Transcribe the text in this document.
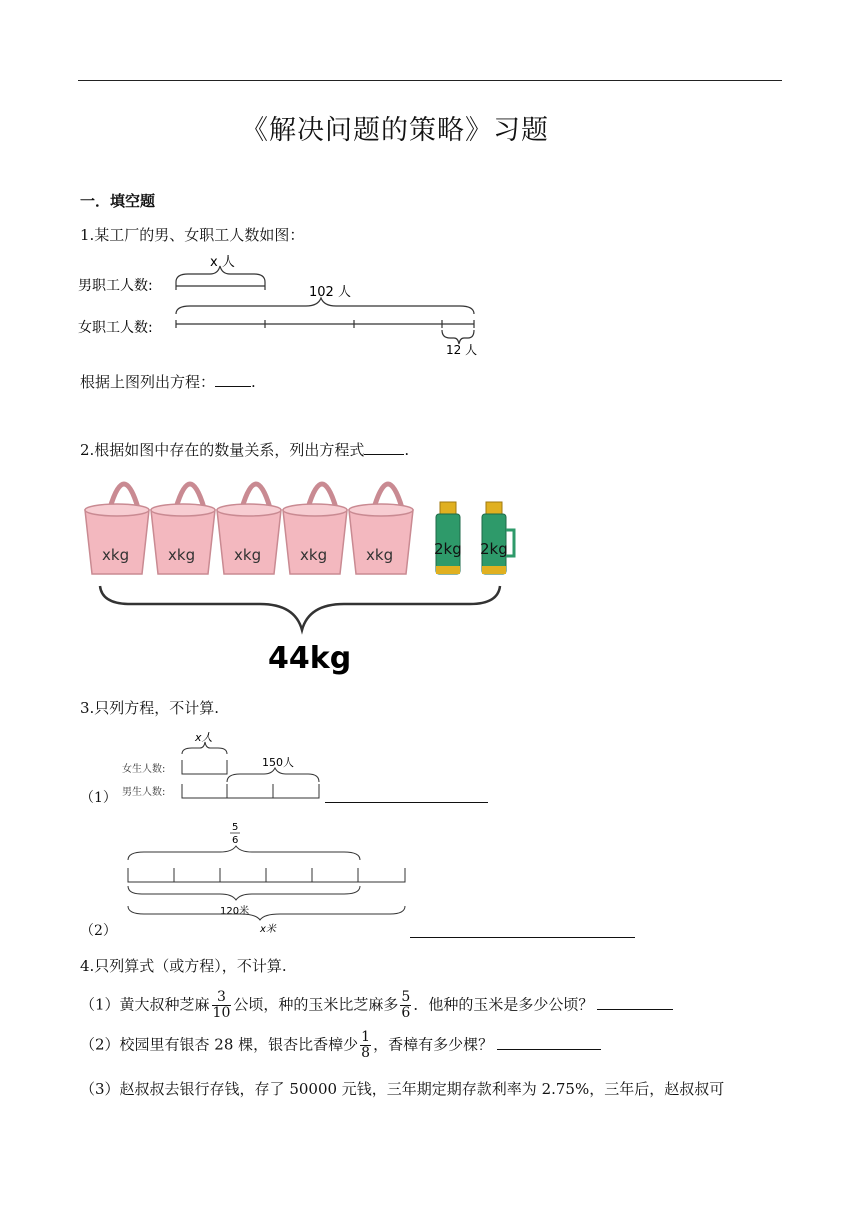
《解决问题的策略》习题
一．填空题
1.某工厂的男、女职工人数如图：
男职工人数:
女职工人数:
x 人
102 人
12 人
根据上图列出方程： .
2.根据如图中存在的数量关系，列出方程式	.
xkg	xkg	xkg	xkg	xkg	2kg 2kg
44kg
3.只列方程，不计算.
（1）
女生人数:
男生人数:
x人
150人
（2）
5
6
120米
x米
4.只列算式（或方程），不计算.
（1）黄大叔种芝麻 $\frac{3}{10}$ 公顷，种的玉米比芝麻多 $\frac{5}{6}$ ．他种的玉米是多少公顷？
（2）校园里有银杏 28 棵，银杏比香樟少 $\frac{1}{8}$ ，香樟有多少棵？
（3）赵叔叔去银行存钱，存了 50000 元钱，三年期定期存款利率为 2.75%，三年后，赵叔叔可
